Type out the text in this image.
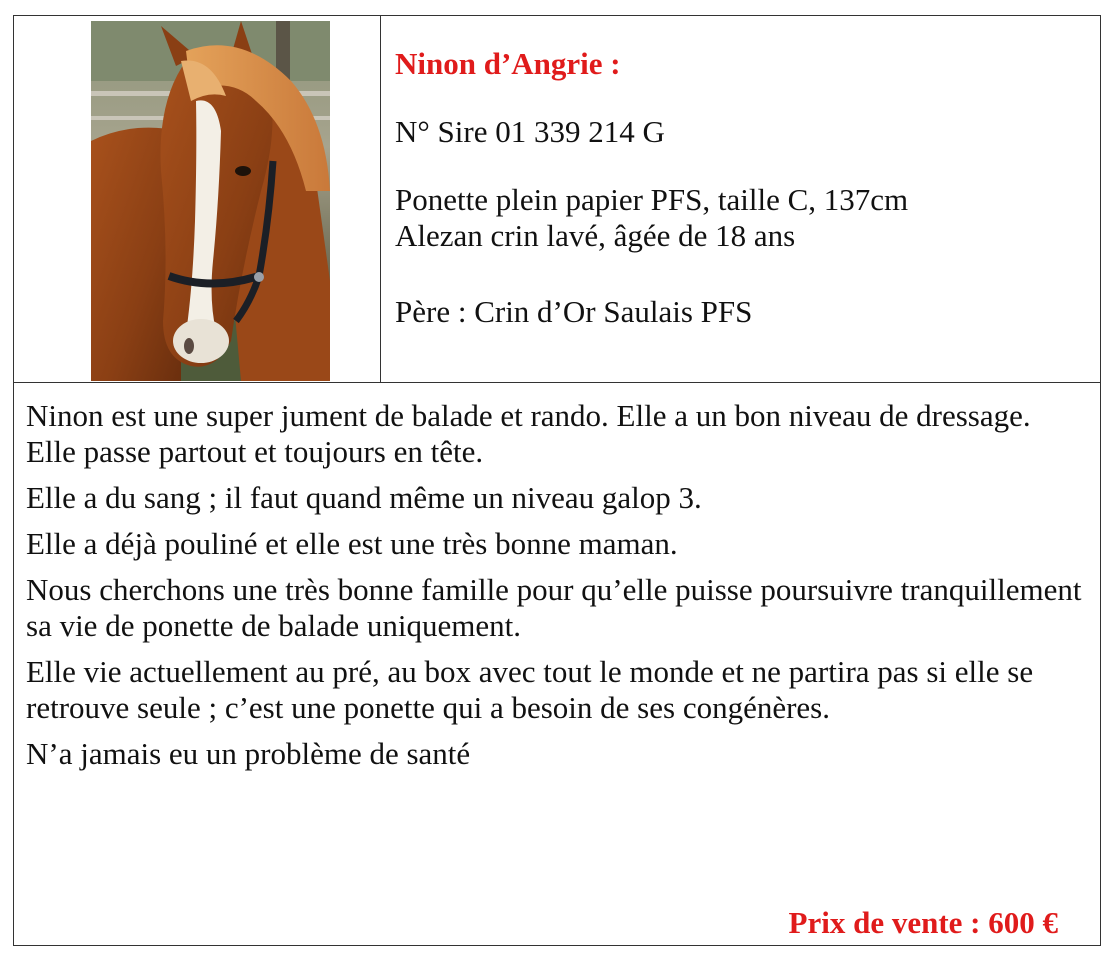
Ninon d’Angrie :

N° Sire 01 339 214 G

Ponette plein papier PFS, taille C, 137cm

Alezan crin lavé, âgée de 18 ans

Père : Crin d’Or Saulais PFS

Ninon est une super jument de balade et rando. Elle a un bon niveau de dressage. Elle passe partout et toujours en tête.

Elle a du sang ; il faut quand même un niveau galop 3.

Elle a déjà pouliné et elle est une très bonne maman.

Nous cherchons une très bonne famille pour qu’elle puisse poursuivre tranquillement sa vie de ponette de balade uniquement.

Elle vie actuellement au pré, au box avec tout le monde et ne partira pas si elle se retrouve seule ; c’est une ponette qui a besoin de ses congénères.

N’a jamais eu un problème de santé

Prix de vente : 600 €
